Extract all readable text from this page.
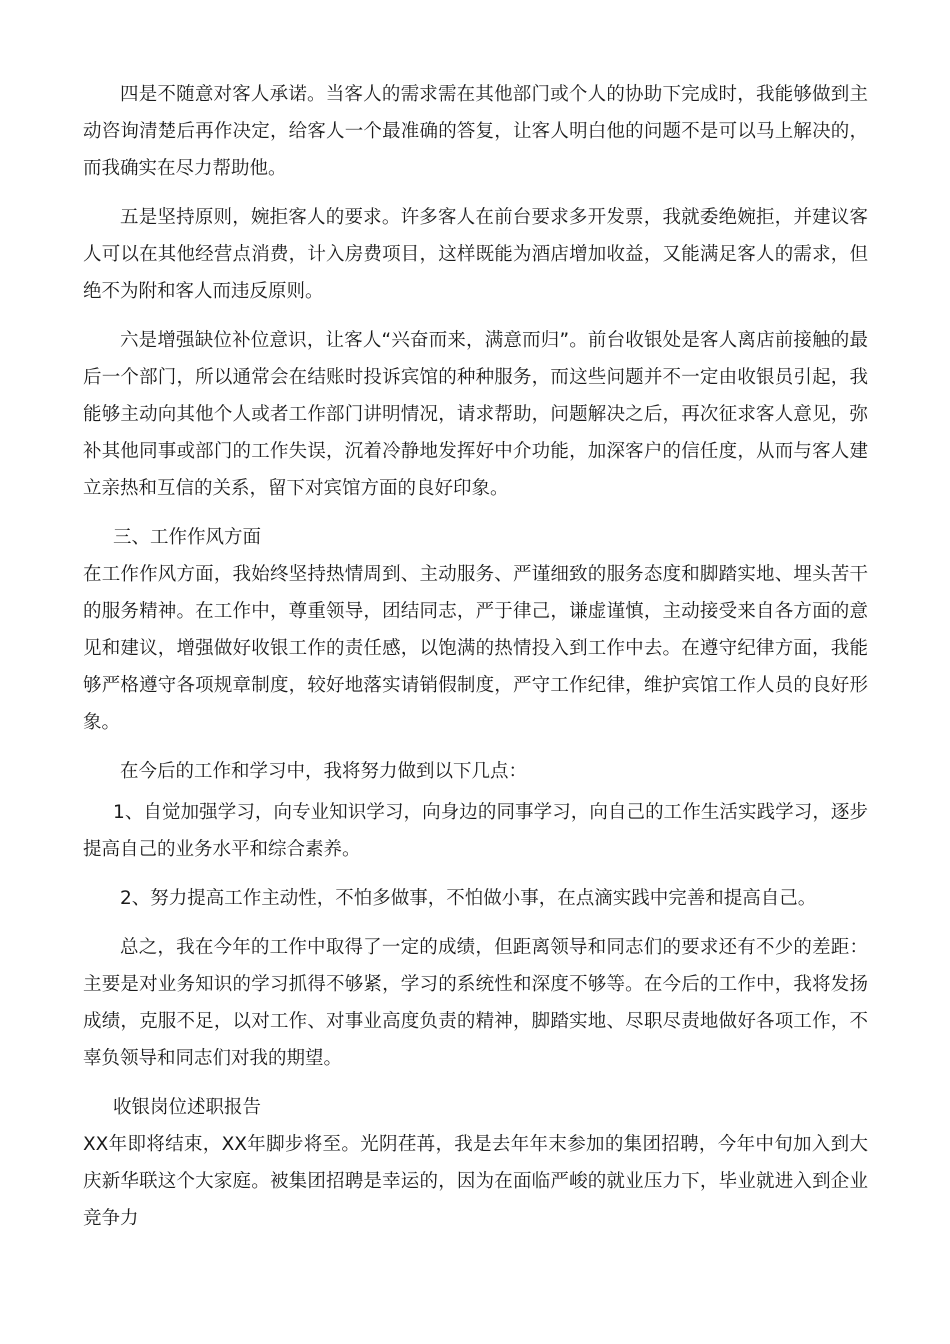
四是不随意对客人承诺。当客人的需求需在其他部门或个人的协助下完成时，我能够做到主动咨询清楚后再作决定，给客人一个最准确的答复，让客人明白他的问题不是可以马上解决的，而我确实在尽力帮助他。

五是坚持原则，婉拒客人的要求。许多客人在前台要求多开发票，我就委绝婉拒，并建议客人可以在其他经营点消费，计入房费项目，这样既能为酒店增加收益，又能满足客人的需求，但绝不为附和客人而违反原则。

六是增强缺位补位意识，让客人“兴奋而来，满意而归”。前台收银处是客人离店前接触的最后一个部门，所以通常会在结账时投诉宾馆的种种服务，而这些问题并不一定由收银员引起，我能够主动向其他个人或者工作部门讲明情况，请求帮助，问题解决之后，再次征求客人意见，弥补其他同事或部门的工作失误，沉着冷静地发挥好中介功能，加深客户的信任度，从而与客人建立亲热和互信的关系，留下对宾馆方面的良好印象。

三、工作作风方面

在工作作风方面，我始终坚持热情周到、主动服务、严谨细致的服务态度和脚踏实地、埋头苦干的服务精神。在工作中，尊重领导，团结同志，严于律己，谦虚谨慎，主动接受来自各方面的意见和建议，增强做好收银工作的责任感，以饱满的热情投入到工作中去。在遵守纪律方面，我能够严格遵守各项规章制度，较好地落实请销假制度，严守工作纪律，维护宾馆工作人员的良好形象。

在今后的工作和学习中，我将努力做到以下几点：

1、自觉加强学习，向专业知识学习，向身边的同事学习，向自己的工作生活实践学习，逐步提高自己的业务水平和综合素养。

2、努力提高工作主动性，不怕多做事，不怕做小事，在点滴实践中完善和提高自己。

总之，我在今年的工作中取得了一定的成绩，但距离领导和同志们的要求还有不少的差距：主要是对业务知识的学习抓得不够紧，学习的系统性和深度不够等。在今后的工作中，我将发扬成绩，克服不足，以对工作、对事业高度负责的精神，脚踏实地、尽职尽责地做好各项工作，不辜负领导和同志们对我的期望。

收银岗位述职报告

XX年即将结束，XX年脚步将至。光阴荏苒，我是去年年末参加的集团招聘，今年中旬加入到大庆新华联这个大家庭。被集团招聘是幸运的，因为在面临严峻的就业压力下，毕业就进入到企业竞争力
